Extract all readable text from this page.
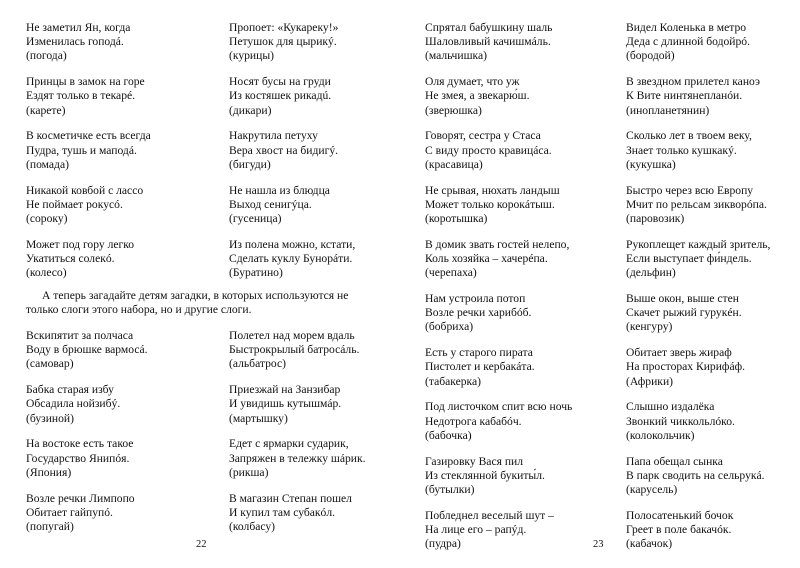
Не заметил Ян, когда
Изменилась гоподá.
(погода)
Принцы в замок на горе
Ездят только в текарé.
(карете)
В косметичке есть всегда
Пудра, тушь и маподá.
(помада)
Никакой ковбой с лассо
Не поймает рокусó.
(сороку)
Может под гору легко
Укатиться солекó.
(колесо)
Пропоет: «Кукареку!»
Петушок для цырикý.
(курицы)
Носят бусы на груди
Из костяшек рикадú.
(дикари)
Накрутила петуху
Вера хвост на бидигý.
(бигуди)
Не нашла из блюдца
Выход сенигýца.
(гусеница)
Из полена можно, кстати,
Сделать куклу Бунорáти.
(Буратино)
А теперь загадайте детям загадки, в которых используются не только слоги этого набора, но и другие слоги.
Вскипятит за полчаса
Воду в брюшке вармосá.
(самовар)
Бабка старая избу
Обсадила нойзибý.
(бузиной)
На востоке есть такое
Государство Янипóя.
(Япония)
Возле речки Лимпопо
Обитает гайпупó.
(попугай)
Полетел над морем вдаль
Быстрокрылый батросáль.
(альбатрос)
Приезжай на Занзибар
И увидишь кутышмáр.
(мартышку)
Едет с ярмарки сударик,
Запряжен в тележку шáрик.
(рикша)
В магазин Степан пошел
И купил там субакóл.
(колбасу)
22
Спрятал бабушкину шаль
Шаловливый качишмáль.
(мальчишка)
Оля думает, что уж
Не змея, а звекарю́ш.
(зверюшка)
Говорят, сестра у Стаса
С виду просто кравицáса.
(красавица)
Не срывая, нюхать ландыш
Может только корокáтыш.
(коротышка)
В домик звать гостей нелепо,
Коль хозяйка – хачерéпа.
(черепаха)
Нам устроила потоп
Возле речки харибóб.
(бобриха)
Есть у старого пирата
Пистолет и кербакáта.
(табакерка)
Под листочком спит всю ночь
Недотрога кабабóч.
(бабочка)
Газировку Вася пил
Из стеклянной букиты́л.
(бутылки)
Побледнел веселый шут –
На лице его – рапýд.
(пудра)
Видел Коленька в метро
Деда с длинной бодойрó.
(бородой)
В звездном прилетел каноэ
К Вите нинтянепланóи.
(инопланетянин)
Сколько лет в твоем веку,
Знает только кушкакý.
(кукушка)
Быстро через всю Европу
Мчит по рельсам зикворóпа.
(паровозик)
Рукоплещет каждый зритель,
Если выступает фи́ндель.
(дельфин)
Выше окон, выше стен
Скачет рыжий гурукéн.
(кенгуру)
Обитает зверь жираф
На просторах Кирифáф.
(Африки)
Слышно издалёка
Звонкий чиккольлóко.
(колокольчик)
Папа обещал сынка
В парк сводить на сельрукá.
(карусель)
Полосатенький бочок
Греет в поле бакачóк.
(кабачок)
23
